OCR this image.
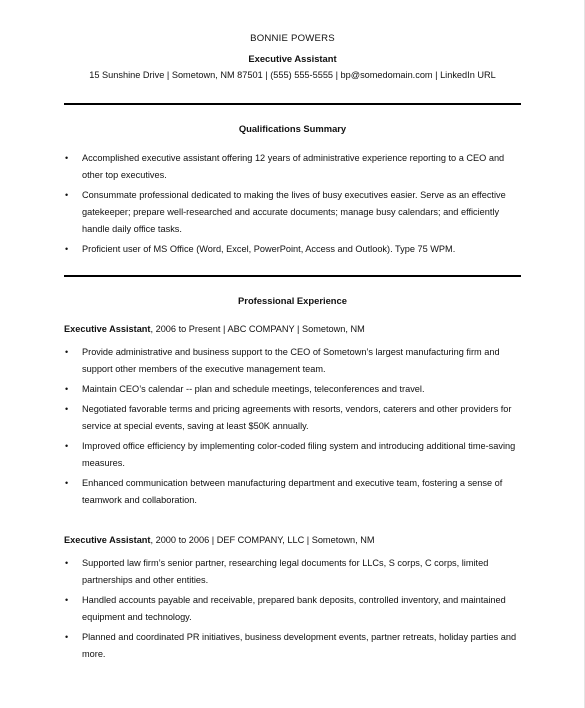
BONNIE POWERS
Executive Assistant
15 Sunshine Drive | Sometown, NM 87501 | (555) 555-5555 | bp@somedomain.com | LinkedIn URL
Qualifications Summary
• Accomplished executive assistant offering 12 years of administrative experience reporting to a CEO and other top executives.
• Consummate professional dedicated to making the lives of busy executives easier. Serve as an effective gatekeeper; prepare well-researched and accurate documents; manage busy calendars; and efficiently handle daily office tasks.
• Proficient user of MS Office (Word, Excel, PowerPoint, Access and Outlook). Type 75 WPM.
Professional Experience
Executive Assistant, 2006 to Present | ABC COMPANY | Sometown, NM
• Provide administrative and business support to the CEO of Sometown’s largest manufacturing firm and support other members of the executive management team.
• Maintain CEO’s calendar -- plan and schedule meetings, teleconferences and travel.
• Negotiated favorable terms and pricing agreements with resorts, vendors, caterers and other providers for service at special events, saving at least $50K annually.
• Improved office efficiency by implementing color-coded filing system and introducing additional time-saving measures.
• Enhanced communication between manufacturing department and executive team, fostering a sense of teamwork and collaboration.
Executive Assistant, 2000 to 2006 | DEF COMPANY, LLC | Sometown, NM
• Supported law firm’s senior partner, researching legal documents for LLCs, S corps, C corps, limited partnerships and other entities.
• Handled accounts payable and receivable, prepared bank deposits, controlled inventory, and maintained equipment and technology.
• Planned and coordinated PR initiatives, business development events, partner retreats, holiday parties and more.
